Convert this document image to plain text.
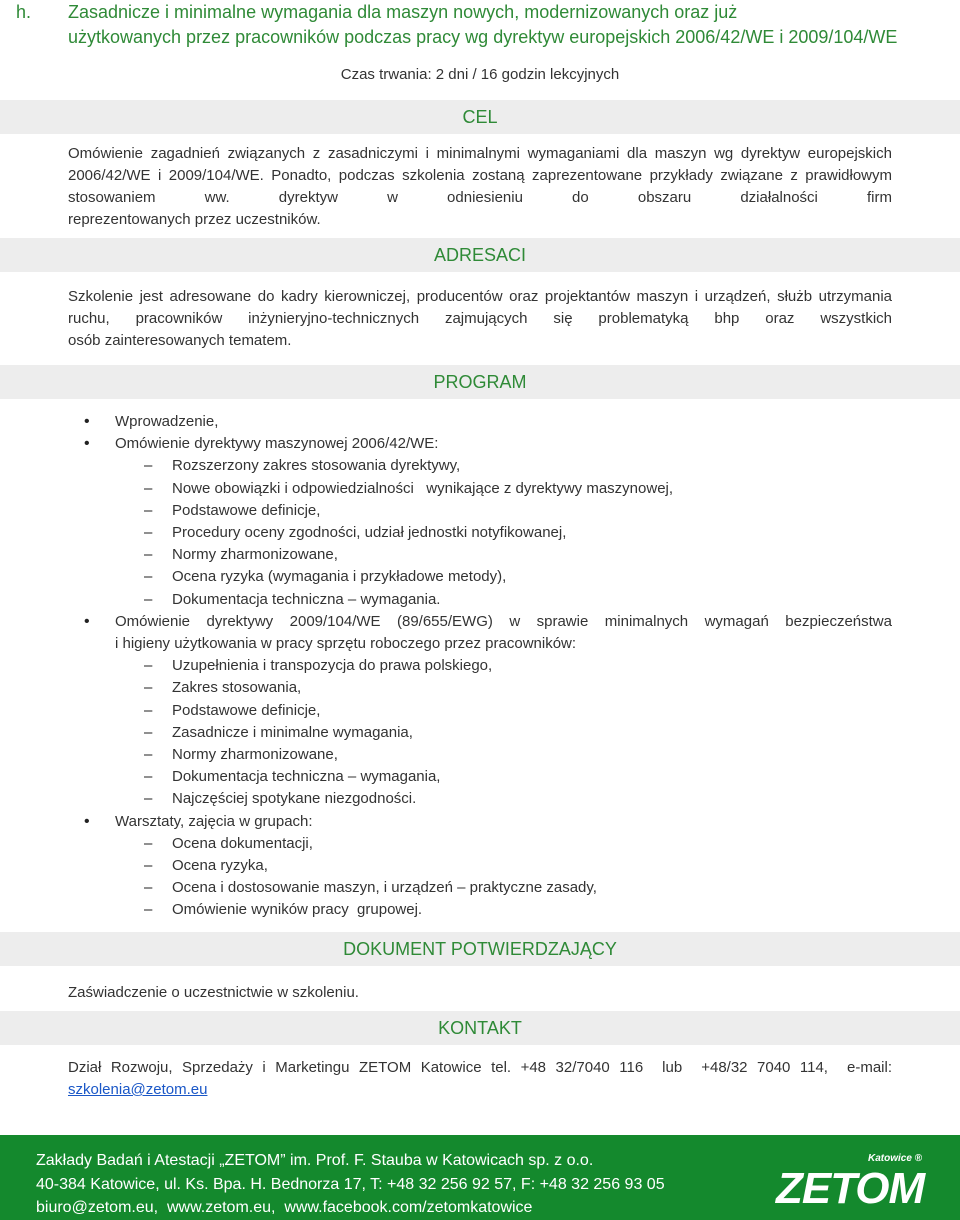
h. Zasadnicze i minimalne wymagania dla maszyn nowych, modernizowanych oraz już
użytkowanych przez pracowników podczas pracy wg dyrektyw europejskich 2006/42/WE i 2009/104/WE
Czas trwania: 2 dni / 16 godzin lekcyjnych
CEL
Omówienie zagadnień związanych z zasadniczymi i minimalnymi wymaganiami dla maszyn wg dyrektyw europejskich 2006/42/WE i 2009/104/WE. Ponadto, podczas szkolenia zostaną zaprezentowane przykłady związane z prawidłowym stosowaniem ww. dyrektyw w odniesieniu do obszaru działalności firm
reprezentowanych przez uczestników.
ADRESACI
Szkolenie jest adresowane do kadry kierowniczej, producentów oraz projektantów maszyn i urządzeń, służb utrzymania ruchu, pracowników inżynieryjno-technicznych zajmujących się problematyką bhp oraz wszystkich
osób zainteresowanych tematem.
PROGRAM
• Wprowadzenie,
• Omówienie dyrektywy maszynowej 2006/42/WE:
– Rozszerzony zakres stosowania dyrektywy,
– Nowe obowiązki i odpowiedzialności   wynikające z dyrektywy maszynowej,
– Podstawowe definicje,
– Procedury oceny zgodności, udział jednostki notyfikowanej,
– Normy zharmonizowane,
– Ocena ryzyka (wymagania i przykładowe metody),
– Dokumentacja techniczna – wymagania.
• Omówienie dyrektywy 2009/104/WE (89/655/EWG) w sprawie minimalnych wymagań bezpieczeństwa
i higieny użytkowania w pracy sprzętu roboczego przez pracowników:
– Uzupełnienia i transpozycja do prawa polskiego,
– Zakres stosowania,
– Podstawowe definicje,
– Zasadnicze i minimalne wymagania,
– Normy zharmonizowane,
– Dokumentacja techniczna – wymagania,
– Najczęściej spotykane niezgodności.
• Warsztaty, zajęcia w grupach:
– Ocena dokumentacji,
– Ocena ryzyka,
– Ocena i dostosowanie maszyn, i urządzeń – praktyczne zasady,
– Omówienie wyników pracy  grupowej.
DOKUMENT POTWIERDZAJĄCY
Zaświadczenie o uczestnictwie w szkoleniu.
KONTAKT
Dział Rozwoju, Sprzedaży i Marketingu ZETOM Katowice tel. +48 32/7040 116  lub  +48/32 7040 114,  e-mail:
szkolenia@zetom.eu
Zakłady Badań i Atestacji „ZETOM” im. Prof. F. Stauba w Katowicach sp. z o.o.
40-384 Katowice, ul. Ks. Bpa. H. Bednorza 17, T: +48 32 256 92 57, F: +48 32 256 93 05
biuro@zetom.eu,  www.zetom.eu,  www.facebook.com/zetomkatowice	ZETOM
Katowice ®
